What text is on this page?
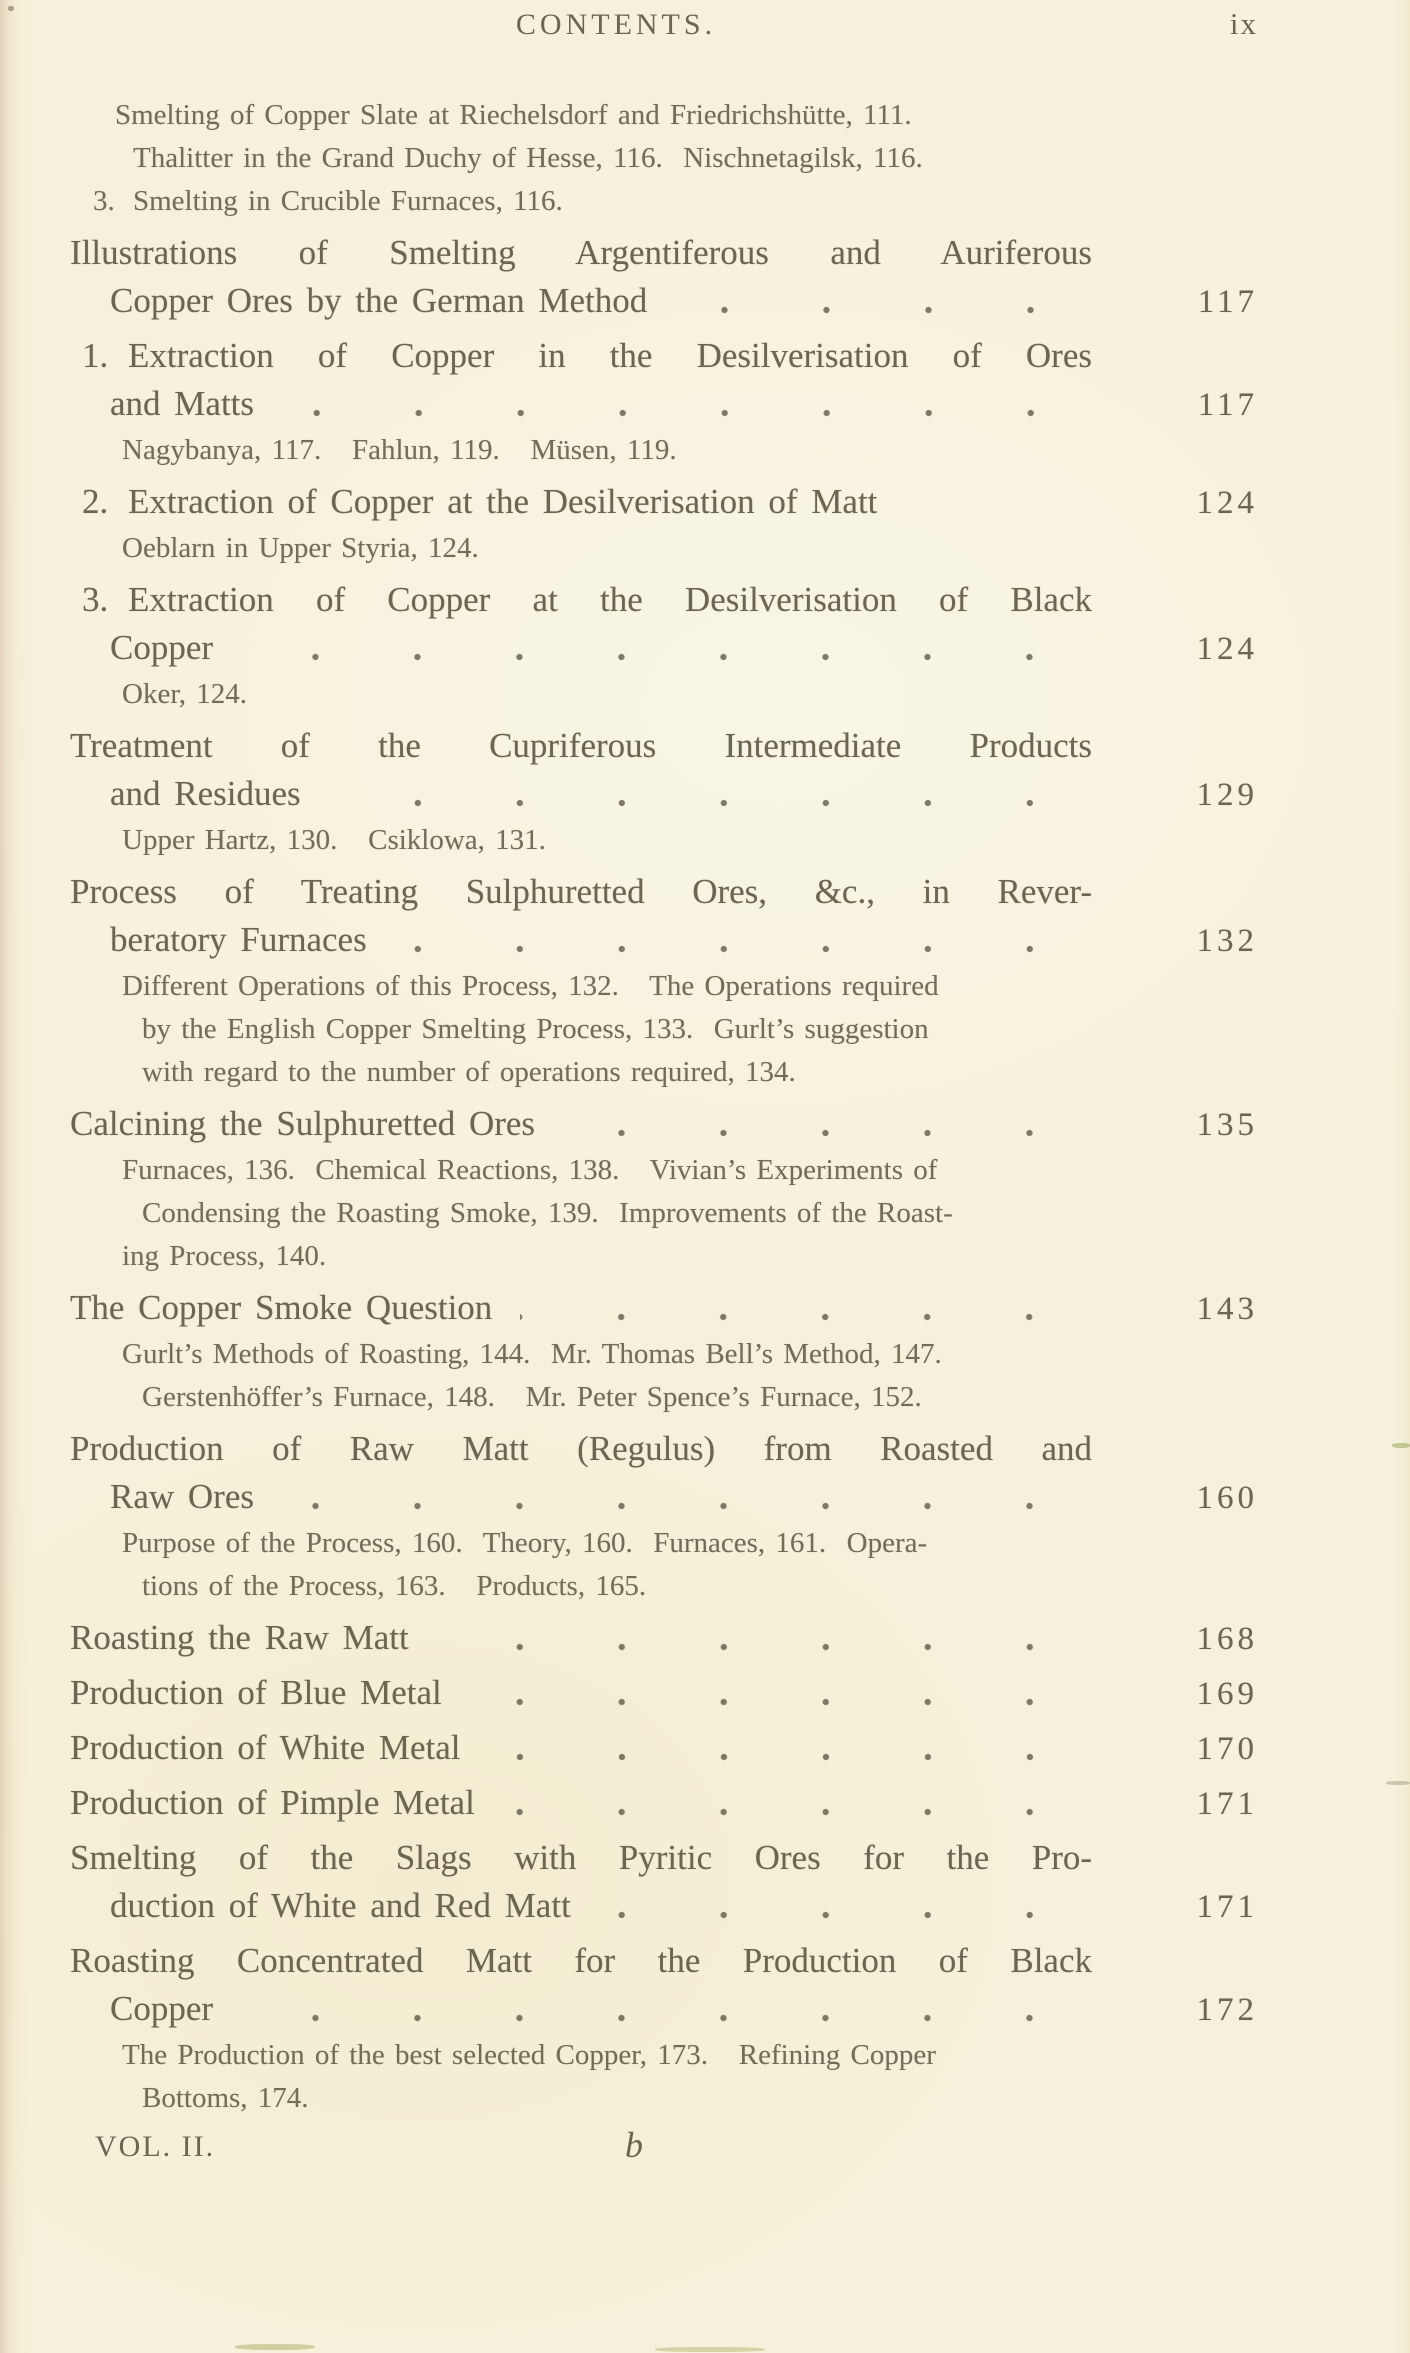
CONTENTS.	ix
Smelting of Copper Slate at Riechelsdorf and Friedrichshütte, 111.
Thalitter in the Grand Duchy of Hesse, 116.  Nischnetagilsk, 116.
3. Smelting in Crucible Furnaces, 116.
Illustrations of Smelting Argentiferous and Auriferous
Copper Ores by the German Method	117
1. Extraction of Copper in the Desilverisation of Ores
and Matts	117
Nagybanya, 117.   Fahlun, 119.   Müsen, 119.
2. Extraction of Copper at the Desilverisation of Matt	124
Oeblarn in Upper Styria, 124.
3. Extraction of Copper at the Desilverisation of Black
Copper	124
Oker, 124.
Treatment of the Cupriferous Intermediate Products
and Residues	129
Upper Hartz, 130.   Csiklowa, 131.
Process of Treating Sulphuretted Ores, &c., in Rever-
beratory Furnaces	132
Different Operations of this Process, 132.   The Operations required
by the English Copper Smelting Process, 133.  Gurlt’s suggestion
with regard to the number of operations required, 134.
Calcining the Sulphuretted Ores	135
Furnaces, 136.  Chemical Reactions, 138.   Vivian’s Experiments of
Condensing the Roasting Smoke, 139.  Improvements of the Roast-
ing Process, 140.
The Copper Smoke Question	143
Gurlt’s Methods of Roasting, 144.  Mr. Thomas Bell’s Method, 147.
Gerstenhöffer’s Furnace, 148.   Mr. Peter Spence’s Furnace, 152.
Production of Raw Matt (Regulus) from Roasted and
Raw Ores	160
Purpose of the Process, 160.  Theory, 160.  Furnaces, 161.  Opera-
tions of the Process, 163.   Products, 165.
Roasting the Raw Matt	168
Production of Blue Metal	169
Production of White Metal	170
Production of Pimple Metal	171
Smelting of the Slags with Pyritic Ores for the Pro-
duction of White and Red Matt	171
Roasting Concentrated Matt for the Production of Black
Copper	172
The Production of the best selected Copper, 173.   Refining Copper
Bottoms, 174.
VOL. II.	b
